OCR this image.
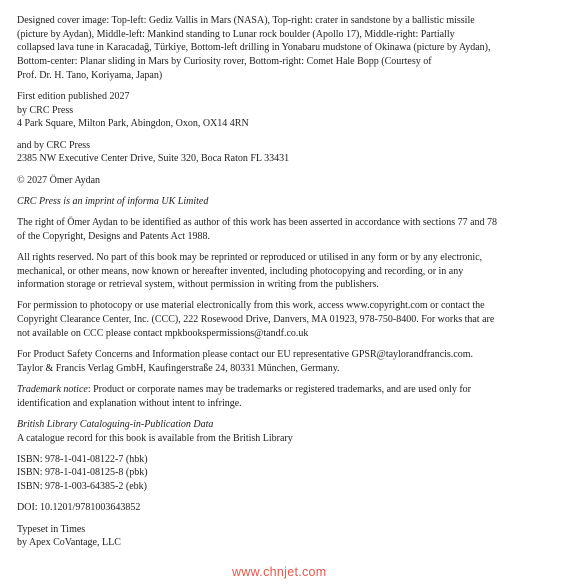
Designed cover image: Top-left: Gediz Vallis in Mars (NASA), Top-right: crater in sandstone by a ballistic missile
(picture by Aydan), Middle-left: Mankind standing to Lunar rock boulder (Apollo 17), Middle-right: Partially
collapsed lava tune in Karacadağ, Türkiye, Bottom-left drilling in Yonabaru mudstone of Okinawa (picture by Aydan),
Bottom-center: Planar sliding in Mars by Curiosity rover, Bottom-right: Comet Hale Bopp (Courtesy of
Prof. Dr. H. Tano, Koriyama, Japan)
First edition published 2027
by CRC Press
4 Park Square, Milton Park, Abingdon, Oxon, OX14 4RN
and by CRC Press
2385 NW Executive Center Drive, Suite 320, Boca Raton FL 33431
© 2027 Ömer Aydan
CRC Press is an imprint of informa UK Limited
The right of Ömer Aydan to be identified as author of this work has been asserted in accordance with sections 77 and 78
of the Copyright, Designs and Patents Act 1988.
All rights reserved. No part of this book may be reprinted or reproduced or utilised in any form or by any electronic,
mechanical, or other means, now known or hereafter invented, including photocopying and recording, or in any
information storage or retrieval system, without permission in writing from the publishers.
For permission to photocopy or use material electronically from this work, access www.copyright.com or contact the
Copyright Clearance Center, Inc. (CCC), 222 Rosewood Drive, Danvers, MA 01923, 978-750-8400. For works that are
not available on CCC please contact mpkbookspermissions@tandf.co.uk
For Product Safety Concerns and Information please contact our EU representative GPSR@taylorandfrancis.com.
Taylor & Francis Verlag GmbH, Kaufingerstraße 24, 80331 München, Germany.
Trademark notice: Product or corporate names may be trademarks or registered trademarks, and are used only for
identification and explanation without intent to infringe.
British Library Cataloguing-in-Publication Data
A catalogue record for this book is available from the British Library
ISBN: 978-1-041-08122-7 (hbk)
ISBN: 978-1-041-08125-8 (pbk)
ISBN: 978-1-003-64385-2 (ebk)
DOI: 10.1201/9781003643852
Typeset in Times
by Apex CoVantage, LLC
www.chnjet.com
